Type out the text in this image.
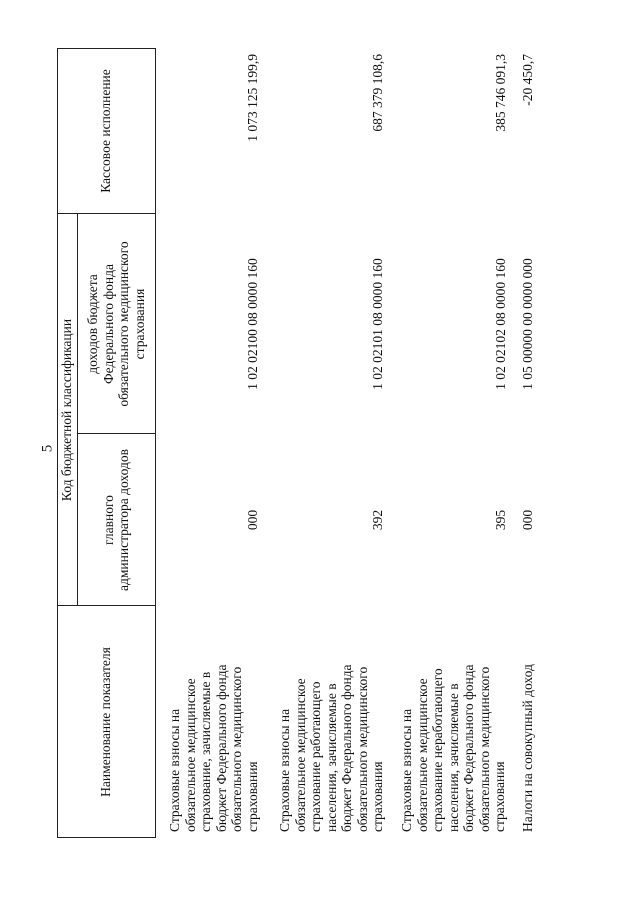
5
Наименование показателя
Код бюджетной классификации
главного администратора доходов
доходов бюджета Федерального фонда обязательного медицинского страхования
Кассовое исполнение
Страховые взносы на обязательное медицинское страхование, зачисляемые в бюджет Федерального фонда обязательного медицинского страхования
000
1 02 02100 08 0000 160
1 073 125 199,9
Страховые взносы на обязательное медицинское страхование работающего населения, зачисляемые в бюджет Федерального фонда обязательного медицинского страхования
392
1 02 02101 08 0000 160
687 379 108,6
Страховые взносы на обязательное медицинское страхование неработающего населения, зачисляемые в бюджет Федерального фонда обязательного медицинского страхования
395
1 02 02102 08 0000 160
385 746 091,3
Налоги на совокупный доход
000
1 05 00000 00 0000 000
-20 450,7
